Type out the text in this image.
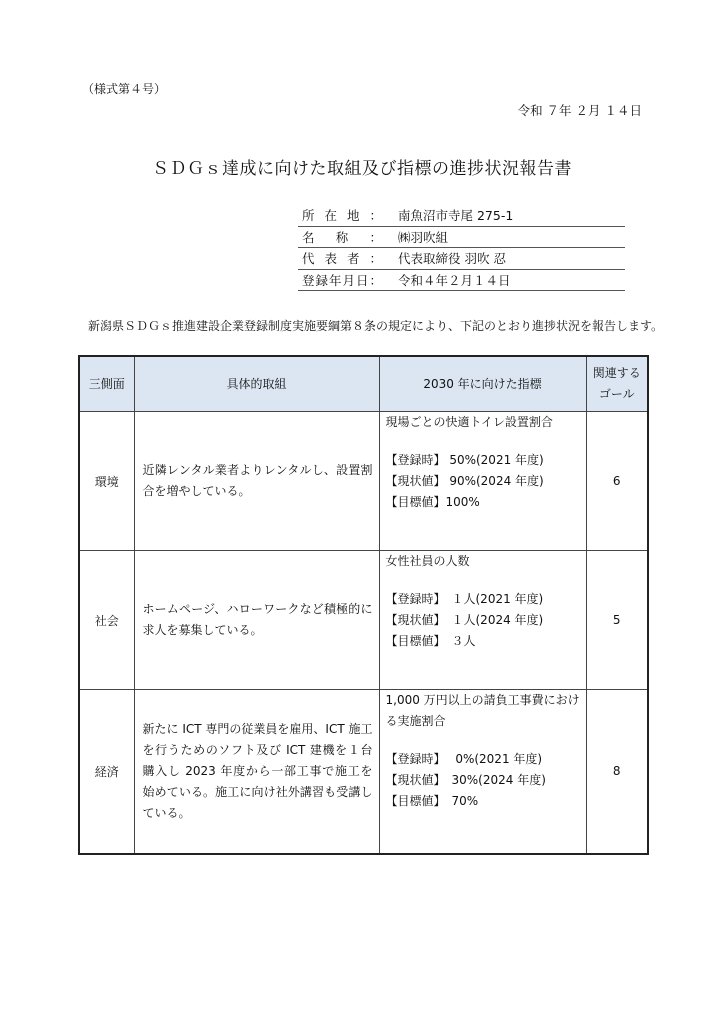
（様式第４号）
令和 ７年 ２月 １４日
ＳＤＧｓ達成に向けた取組及び指標の進捗状況報告書
所在地：	南魚沼市寺尾 275-1
名称：	㈱羽吹組
代表者：	代表取締役 羽吹 忍
登録年月日：	令和４年２月１４日
新潟県ＳＤＧｓ推進建設企業登録制度実施要綱第８条の規定により、下記のとおり進捗状況を報告します。
三側面	具体的取組	2030 年に向けた指標	関連する
ゴール

環境	近隣レンタル業者よりレンタルし、設置割合を増やしている。	現場ごとの快適トイレ設置割合
【登録時】 50%(2021 年度)
【現状値】 90%(2024 年度)
【目標値】100%	6
社会	ホームページ、ハローワークなど積極的に求人を募集している。	女性社員の人数
【登録時】　１人(2021 年度)
【現状値】　１人(2024 年度)
【目標値】　３人	5
経済	新たに ICT 専門の従業員を雇用、ICT 施工を行うためのソフト及び ICT 建機を１台購入し 2023 年度から一部工事で施工を始めている。施工に向け社外講習も受講している。	1,000 万円以上の請負工事費における実施割合
【登録時】　 0%(2021 年度)
【現状値】　30%(2024 年度)
【目標値】　70%	8
